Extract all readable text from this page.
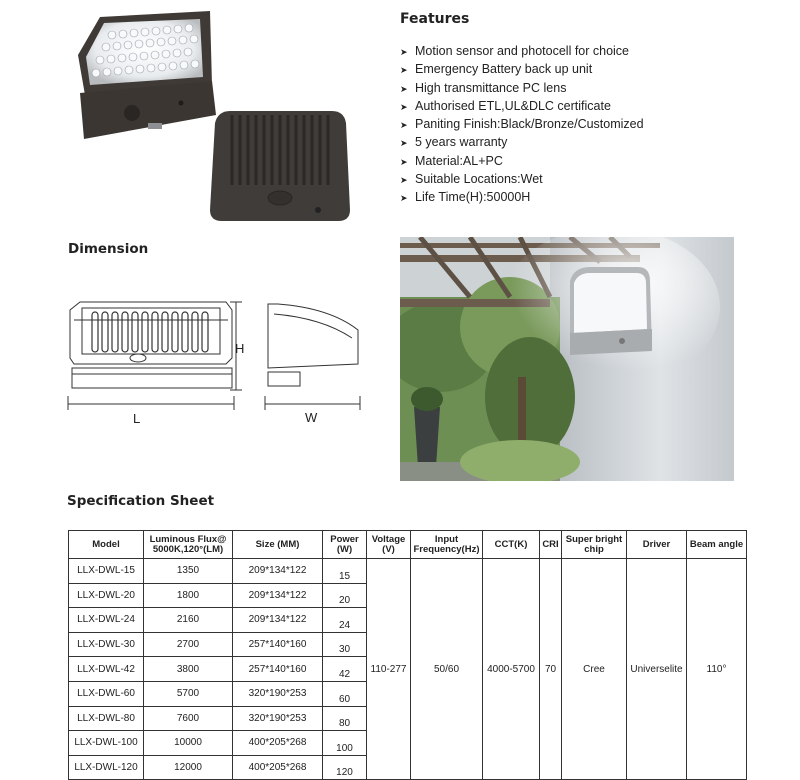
Features
➤ Motion sensor and photocell for choice
➤ Emergency Battery back up unit
➤ High transmittance PC lens
➤ Authorised ETL,UL&DLC certificate
➤ Paniting Finish:Black/Bronze/Customized
➤ 5 years warranty
➤ Material:AL+PC
➤ Suitable Locations:Wet
➤ Life Time(H):50000H
Dimension
H
L	W
Specification Sheet
Model	Luminous Flux@ 5000K,120°(LM)	Size (MM)	Power (W)	Voltage (V)	Input Frequency(Hz)	CCT(K)	CRI	Super bright chip	Driver	Beam angle
LLX-DWL-15	1350	209*134*122	15	110-277	50/60	4000-5700	70	Cree	Universelite	110°
LLX-DWL-20	1800	209*134*122	20							
LLX-DWL-24	2160	209*134*122	24							
LLX-DWL-30	2700	257*140*160	30							
LLX-DWL-42	3800	257*140*160	42							
LLX-DWL-60	5700	320*190*253	60							
LLX-DWL-80	7600	320*190*253	80							
LLX-DWL-100	10000	400*205*268	100							
LLX-DWL-120	12000	400*205*268	120							
